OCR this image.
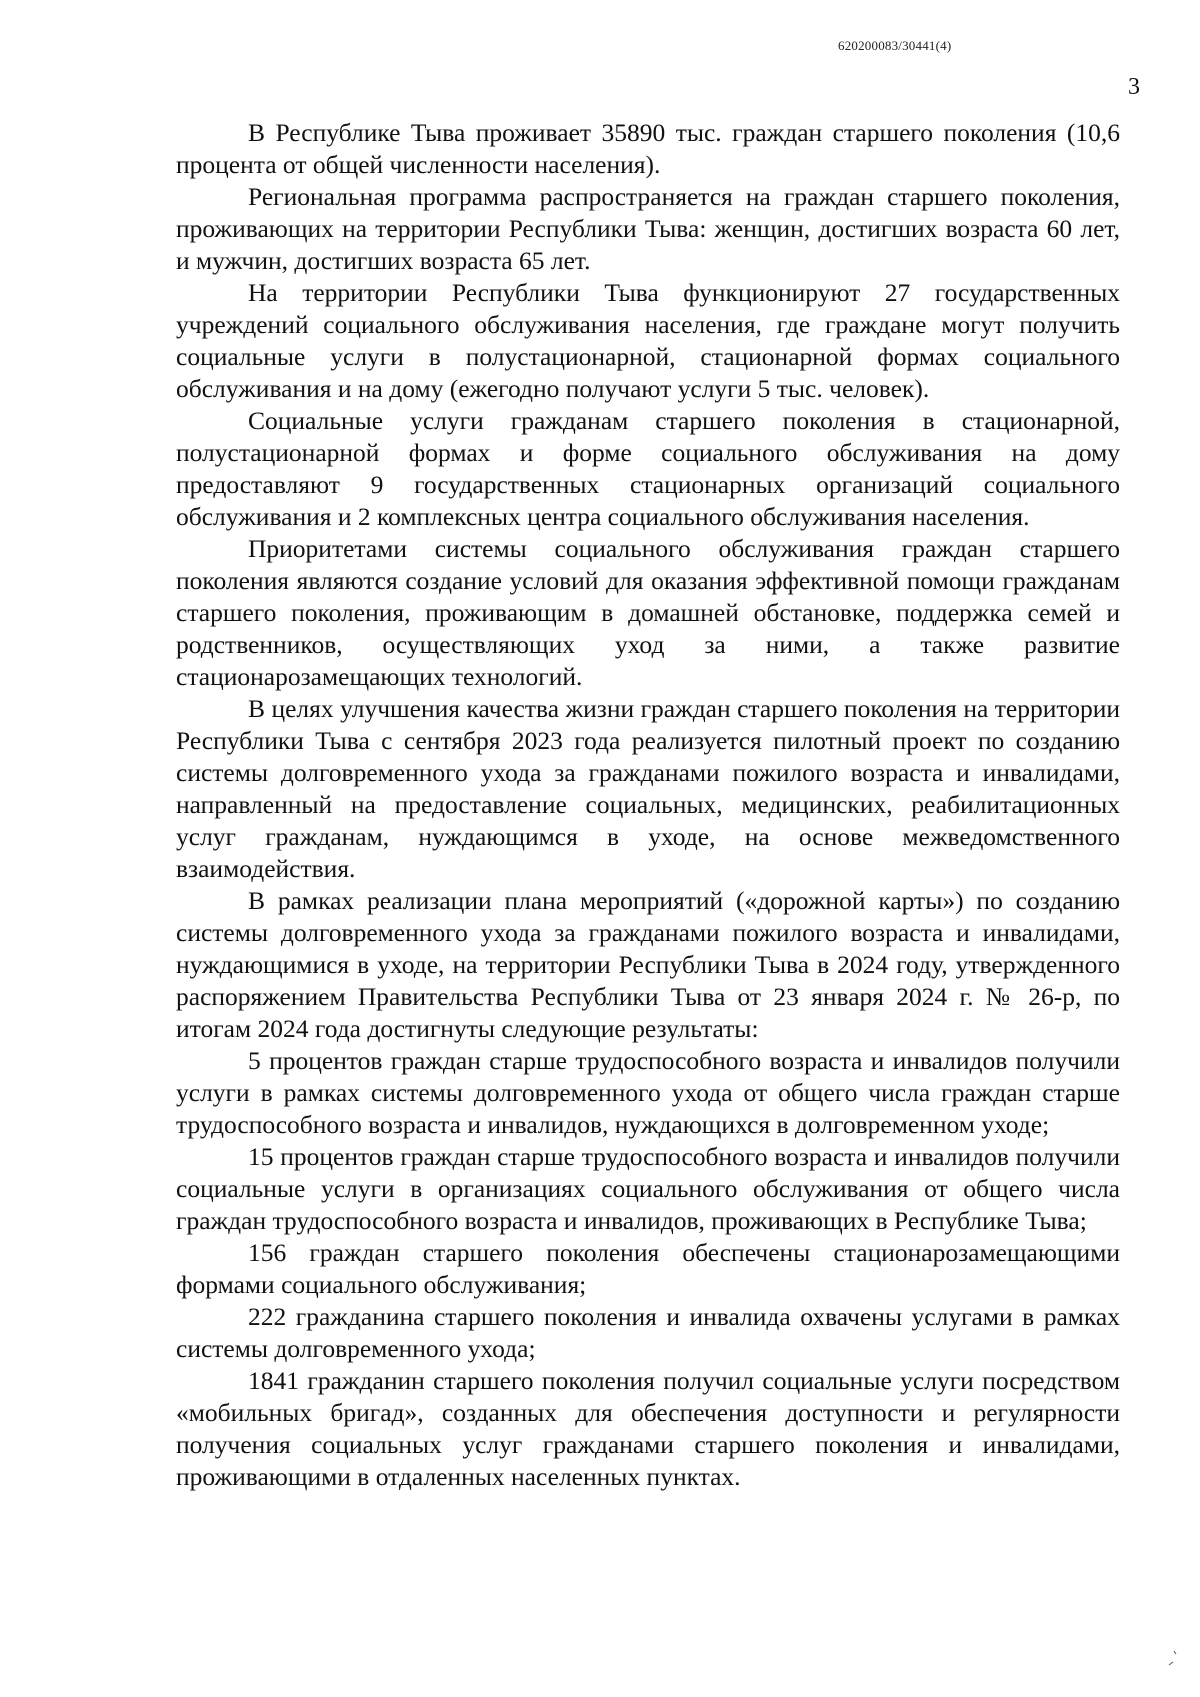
620200083/30441(4)
3

В Республике Тыва проживает 35890 тыс. граждан старшего поколения (10,6 процента от общей численности населения).

Региональная программа распространяется на граждан старшего поколения, проживающих на территории Республики Тыва: женщин, достигших возраста 60 лет, и мужчин, достигших возраста 65 лет.

На территории Республики Тыва функционируют 27 государственных учреждений социального обслуживания населения, где граждане могут получить социальные услуги в полустационарной, стационарной формах социального обслуживания и на дому (ежегодно получают услуги 5 тыс. человек).

Социальные услуги гражданам старшего поколения в стационарной, полустационарной формах и форме социального обслуживания на дому предоставляют 9 государственных стационарных организаций социального обслуживания и 2 комплексных центра социального обслуживания населения.

Приоритетами системы социального обслуживания граждан старшего поколения являются создание условий для оказания эффективной помощи гражданам старшего поколения, проживающим в домашней обстановке, поддержка семей и родственников, осуществляющих уход за ними, а также развитие стационарозамещающих технологий.

В целях улучшения качества жизни граждан старшего поколения на территории Республики Тыва с сентября 2023 года реализуется пилотный проект по созданию системы долговременного ухода за гражданами пожилого возраста и инвалидами, направленный на предоставление социальных, медицинских, реабилитационных услуг гражданам, нуждающимся в уходе, на основе межведомственного взаимодействия.

В рамках реализации плана мероприятий («дорожной карты») по созданию системы долговременного ухода за гражданами пожилого возраста и инвалидами, нуждающимися в уходе, на территории Республики Тыва в 2024 году, утвержденного распоряжением Правительства Республики Тыва от 23 января 2024 г. № 26-р, по итогам 2024 года достигнуты следующие результаты:

5 процентов граждан старше трудоспособного возраста и инвалидов получили услуги в рамках системы долговременного ухода от общего числа граждан старше трудоспособного возраста и инвалидов, нуждающихся в долговременном уходе;

15 процентов граждан старше трудоспособного возраста и инвалидов получили социальные услуги в организациях социального обслуживания от общего числа граждан трудоспособного возраста и инвалидов, проживающих в Республике Тыва;

156 граждан старшего поколения обеспечены стационарозамещающими формами социального обслуживания;

222 гражданина старшего поколения и инвалида охвачены услугами в рамках системы долговременного ухода;

1841 гражданин старшего поколения получил социальные услуги посредством «мобильных бригад», созданных для обеспечения доступности и регулярности получения социальных услуг гражданами старшего поколения и инвалидами, проживающими в отдаленных населенных пунктах.
